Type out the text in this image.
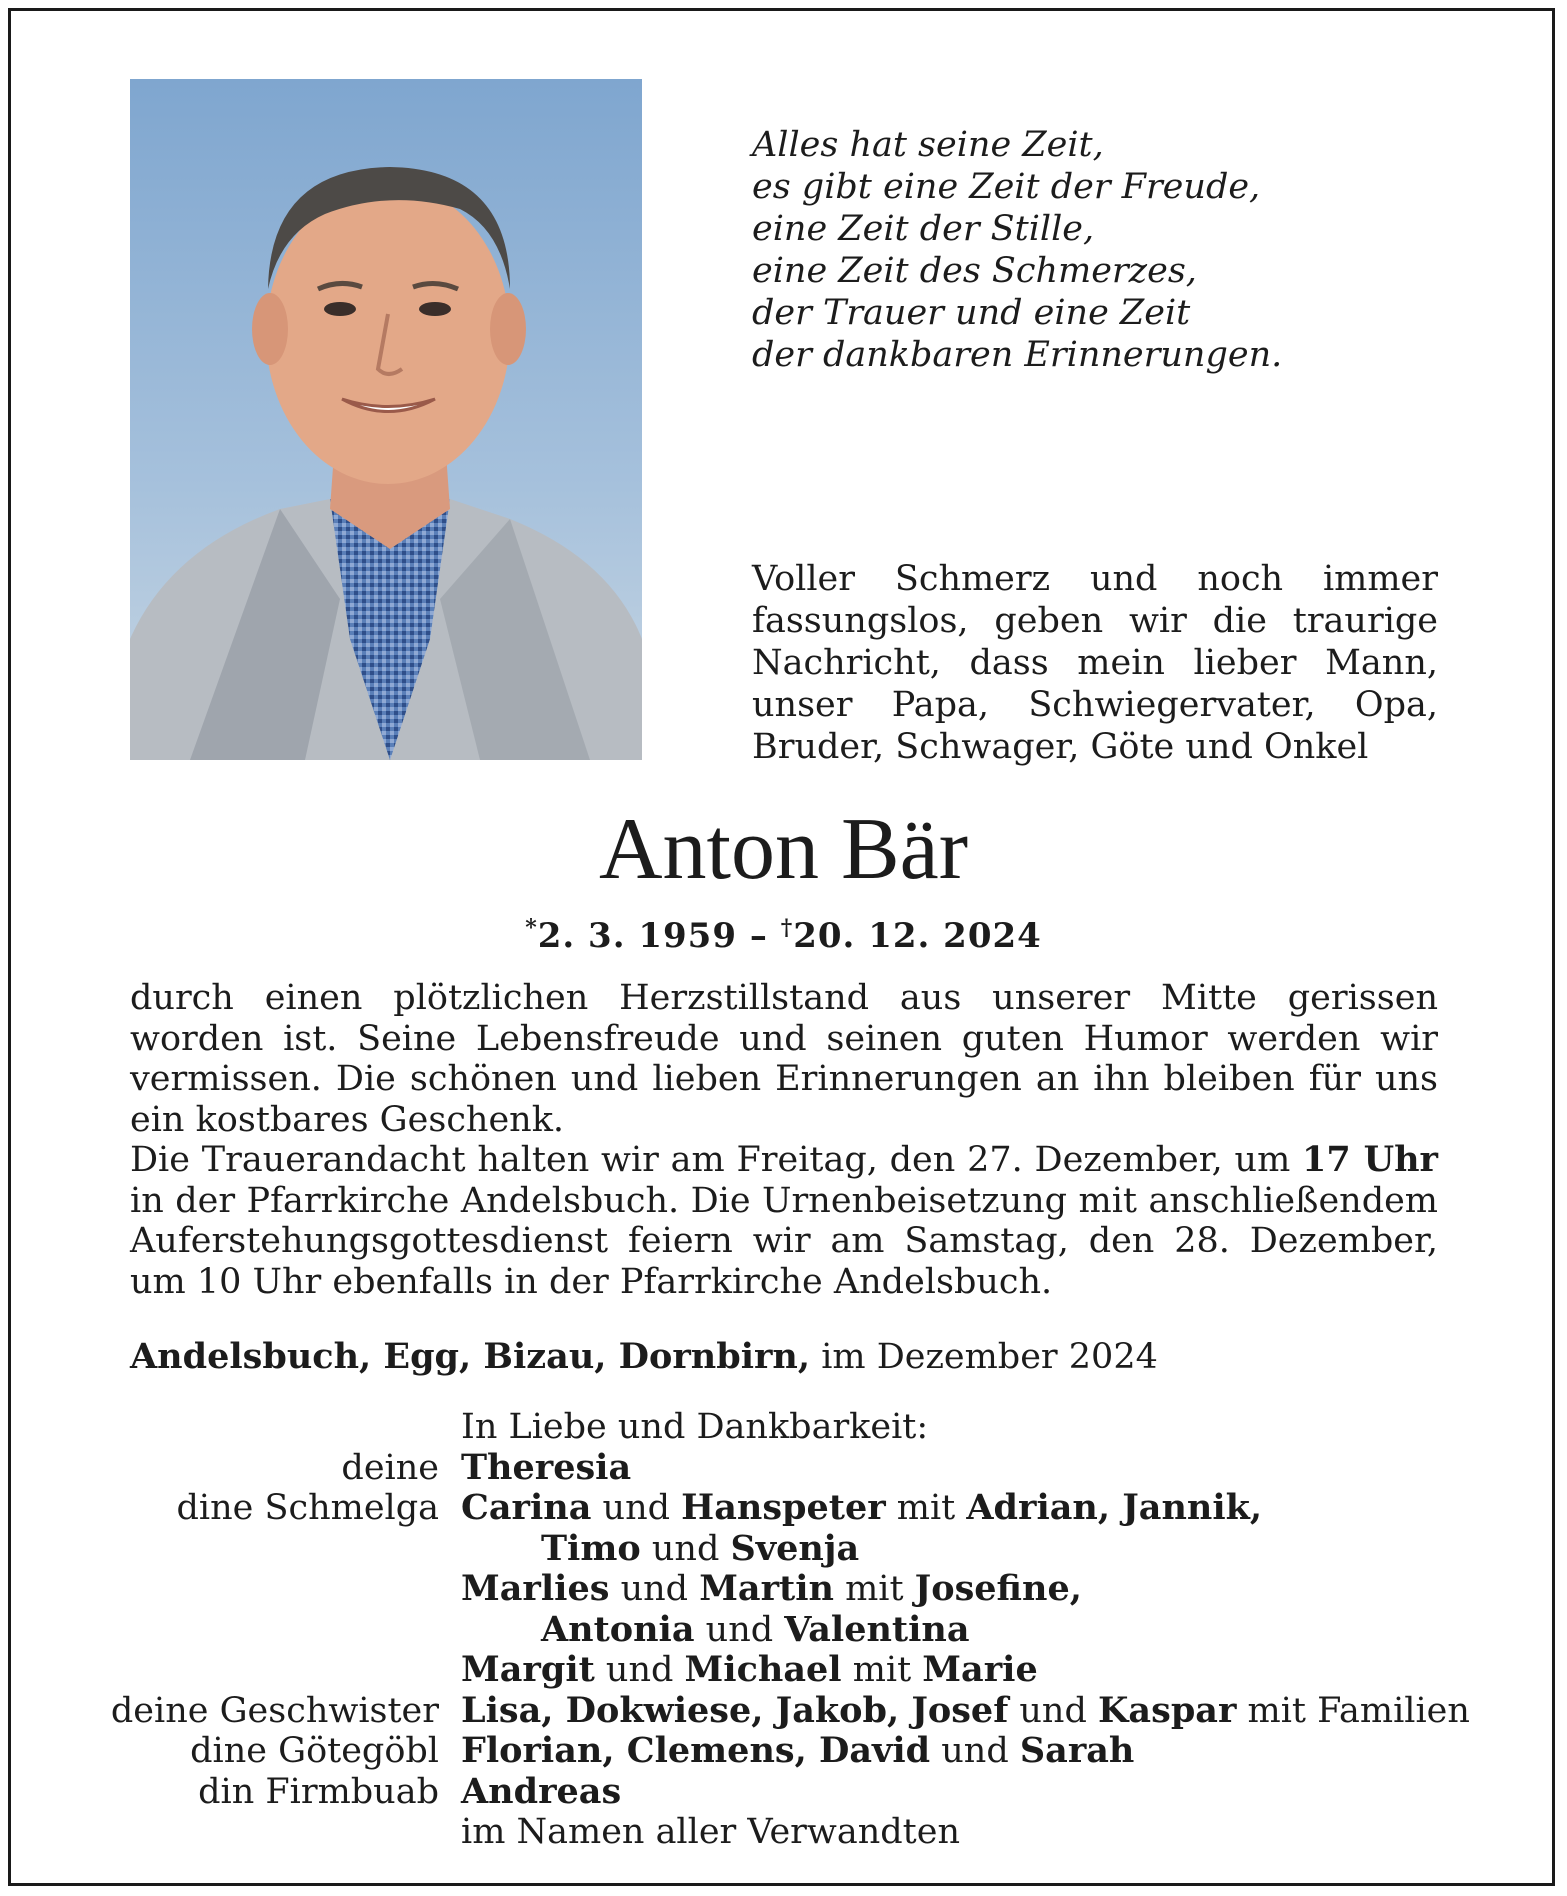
Alles hat seine Zeit,
es gibt eine Zeit der Freude,
eine Zeit der Stille,
eine Zeit des Schmerzes,
der Trauer und eine Zeit
der dankbaren Erinnerungen.
Voller Schmerz und noch immer fassungslos, geben wir die traurige Nachricht, dass mein lieber Mann, unser Papa, Schwiegervater, Opa, Bruder, Schwager, Göte und Onkel
Anton Bär
*2. 3. 1959 – †20. 12. 2024
durch einen plötzlichen Herzstillstand aus unserer Mitte gerissen worden ist. Seine Lebensfreude und seinen guten Humor werden wir vermissen. Die schönen und lieben Erinnerungen an ihn bleiben für uns ein kostbares Geschenk.
Die Trauerandacht halten wir am Freitag, den 27. Dezember, um 17 Uhr in der Pfarrkirche Andelsbuch. Die Urnenbeisetzung mit anschließendem Auferstehungsgottesdienst feiern wir am Samstag, den 28. Dezember, um 10 Uhr ebenfalls in der Pfarrkirche Andelsbuch.
Andelsbuch, Egg, Bizau, Dornbirn, im Dezember 2024
In Liebe und Dankbarkeit:
deine Theresia
dine Schmelga Carina und Hanspeter mit Adrian, Jannik,
Timo und Svenja
Marlies und Martin mit Josefine,
Antonia und Valentina
Margit und Michael mit Marie
deine Geschwister Lisa, Dokwiese, Jakob, Josef und Kaspar mit Familien
dine Götegöbl Florian, Clemens, David und Sarah
din Firmbuab Andreas
im Namen aller Verwandten
